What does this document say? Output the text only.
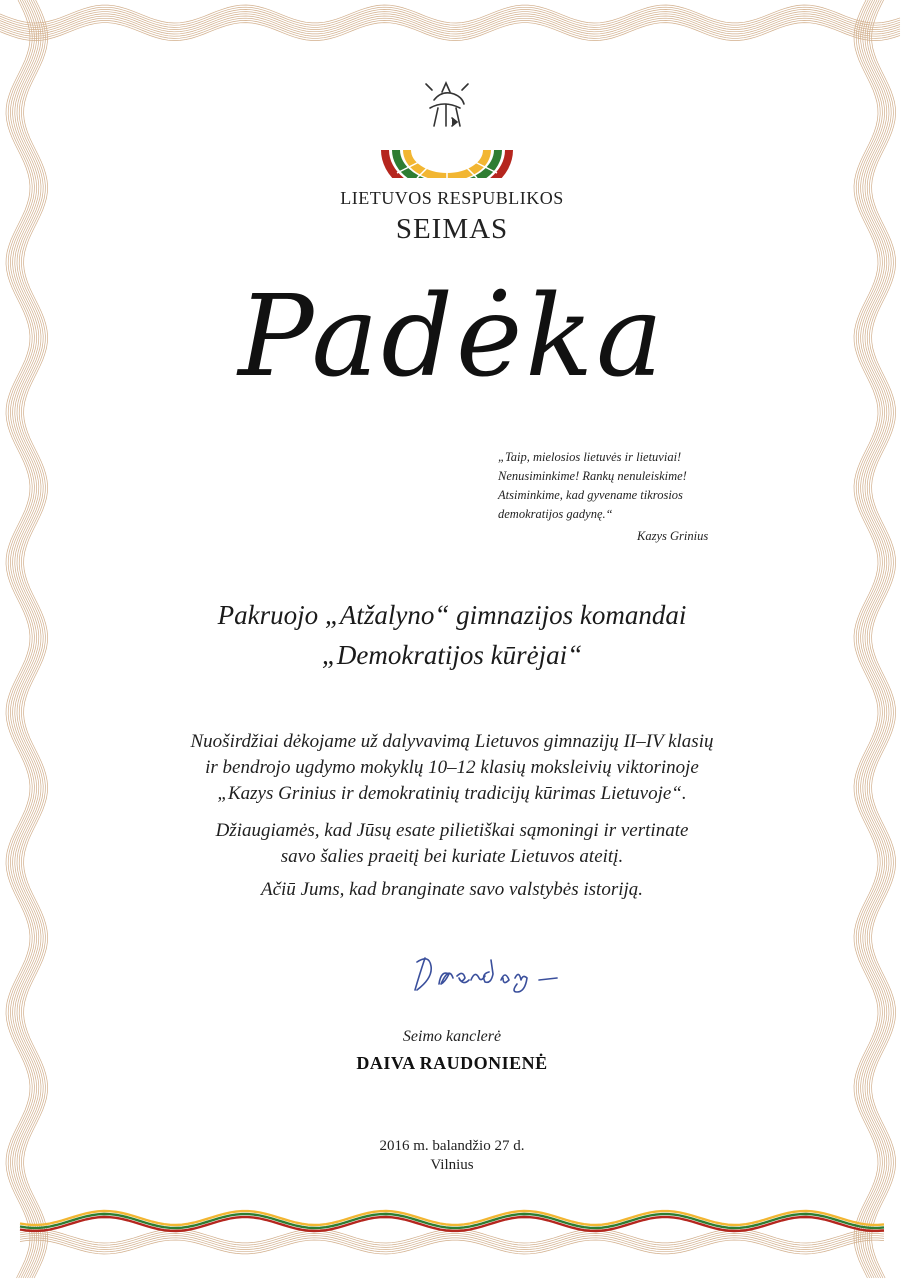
LIETUVOS RESPUBLIKOS
SEIMAS
Padėka
„Taip, mielosios lietuvės ir lietuviai!
Nenusiminkime! Rankų nenuleiskime!
Atsiminkime, kad gyvename tikrosios
demokratijos gadynę.“
Kazys Grinius
Pakruojo „Atžalyno“ gimnazijos komandai
„Demokratijos kūrėjai“
Nuoširdžiai dėkojame už dalyvavimą Lietuvos gimnazijų II–IV klasių
ir bendrojo ugdymo mokyklų 10–12 klasių moksleivių viktorinoje
„Kazys Grinius ir demokratinių tradicijų kūrimas Lietuvoje“.
Džiaugiamės, kad Jūsų esate pilietiškai sąmoningi ir vertinate
savo šalies praeitį bei kuriate Lietuvos ateitį.
Ačiū Jums, kad branginate savo valstybės istoriją.
Seimo kanclerė
DAIVA RAUDONIENĖ
2016 m. balandžio 27 d.
Vilnius
